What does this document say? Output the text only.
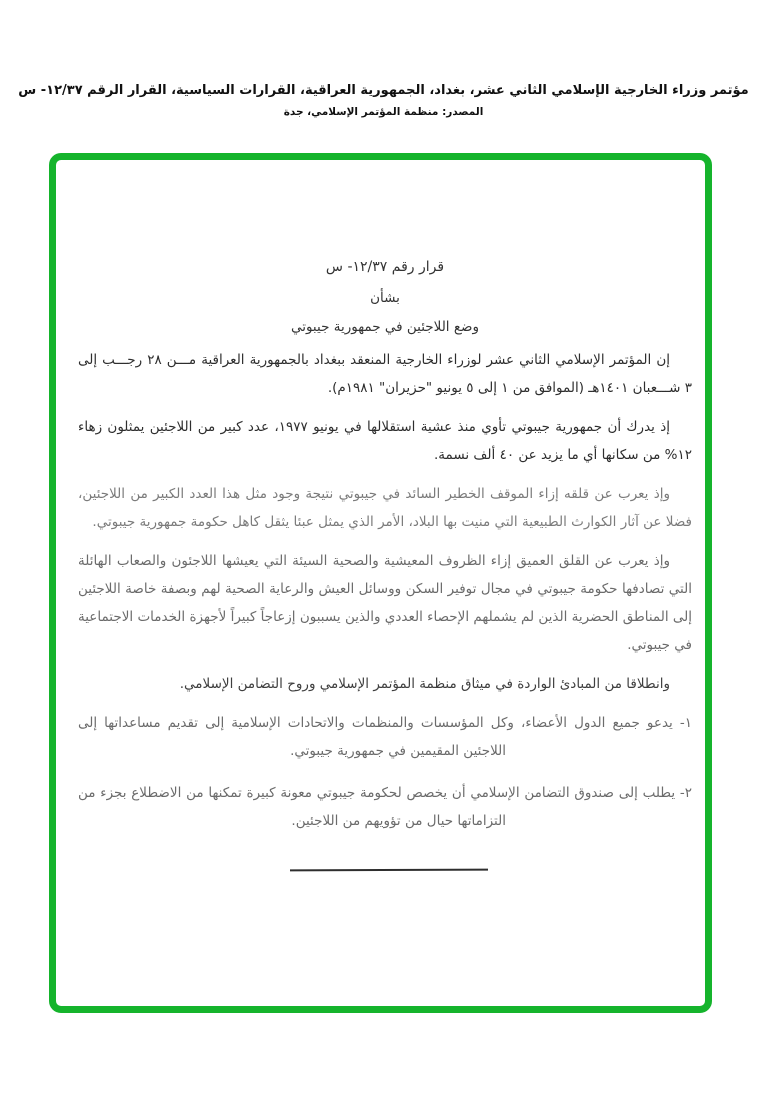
مؤتمر وزراء الخارجية الإسلامي الثاني عشر، بغداد، الجمهورية العراقية، القرارات السياسية، القرار الرقم ١٢/٣٧- س
المصدر: منظمة المؤتمر الإسلامي، جدة

قرار رقم ١٢/٣٧- س

بشأن

وضع اللاجئين في جمهورية جيبوتي

إن المؤتمر الإسلامي الثاني عشر لوزراء الخارجية المنعقد ببغداد بالجمهورية العراقية مـــن ٢٨ رجـــب إلى ٣ شـــعبان ١٤٠١هـ (الموافق من ١ إلى ٥ يونيو "حزيران" ١٩٨١م).

إذ يدرك أن جمهورية جيبوتي تأوي منذ عشية استقلالها في يونيو ١٩٧٧، عدد كبير من اللاجئين يمثلون زهاء ١٢% من سكانها أي ما يزيد عن ٤٠ ألف نسمة.

وإذ يعرب عن قلقه إزاء الموقف الخطير السائد في جيبوتي نتيجة وجود مثل هذا العدد الكبير من اللاجئين، فضلا عن آثار الكوارث الطبيعية التي منيت بها البلاد، الأمر الذي يمثل عبئا يثقل كاهل حكومة جمهورية جيبوتي.

وإذ يعرب عن القلق العميق إزاء الظروف المعيشية والصحية السيئة التي يعيشها اللاجئون والصعاب الهائلة التي تصادفها حكومة جيبوتي في مجال توفير السكن ووسائل العيش والرعاية الصحية لهم وبصفة خاصة اللاجئين إلى المناطق الحضرية الذين لم يشملهم الإحصاء العددي والذين يسببون إزعاجاً كبيراً لأجهزة الخدمات الاجتماعية في جيبوتي.

وانطلاقا من المبادئ الواردة في ميثاق منظمة المؤتمر الإسلامي وروح التضامن الإسلامي.

١- يدعو جميع الدول الأعضاء، وكل المؤسسات والمنظمات والاتحادات الإسلامية إلى تقديم مساعداتها إلى اللاجئين المقيمين في جمهورية جيبوتي.

٢- يطلب إلى صندوق التضامن الإسلامي أن يخصص لحكومة جيبوتي معونة كبيرة تمكنها من الاضطلاع بجزء من التزاماتها حيال من تؤويهم من اللاجئين.
